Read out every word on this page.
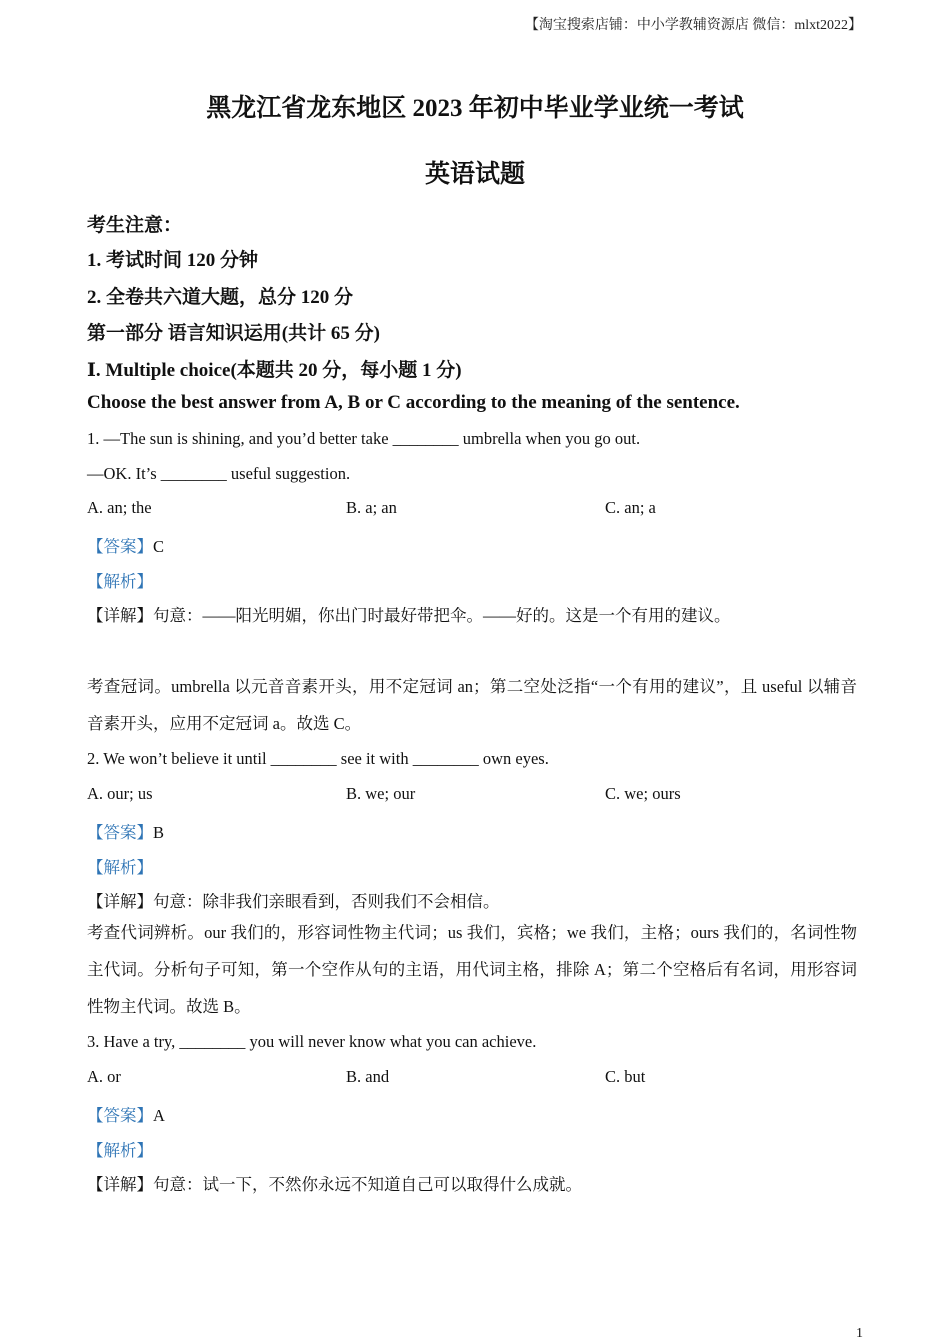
【淘宝搜索店铺：中小学教辅资源店 微信：mlxt2022】
黑龙江省龙东地区 2023 年初中毕业学业统一考试
英语试题
考生注意：
1. 考试时间 120 分钟
2. 全卷共六道大题，总分 120 分
第一部分 语言知识运用(共计 65 分)
Ⅰ. Multiple choice(本题共 20 分，每小题 1 分)
Choose the best answer from A, B or C according to the meaning of the sentence.
1. —The sun is shining, and you’d better take ________ umbrella when you go out.
—OK. It’s ________ useful suggestion.
A. an; the	B. a; an	C. an; a
【答案】C
【解析】
【详解】句意：——阳光明媚，你出门时最好带把伞。——好的。这是一个有用的建议。
考查冠词。umbrella 以元音音素开头，用不定冠词 an；第二空处泛指“一个有用的建议”，且 useful 以辅音音素开头，应用不定冠词 a。故选 C。
2. We won’t believe it until ________ see it with ________ own eyes.
A. our; us	B. we; our	C. we; ours
【答案】B
【解析】
【详解】句意：除非我们亲眼看到，否则我们不会相信。
考查代词辨析。our 我们的，形容词性物主代词；us 我们，宾格；we 我们，主格；ours 我们的，名词性物主代词。分析句子可知，第一个空作从句的主语，用代词主格，排除 A；第二个空格后有名词，用形容词性物主代词。故选 B。
3. Have a try, ________ you will never know what you can achieve.
A. or	B. and	C. but
【答案】A
【解析】
【详解】句意：试一下，不然你永远不知道自己可以取得什么成就。
1
